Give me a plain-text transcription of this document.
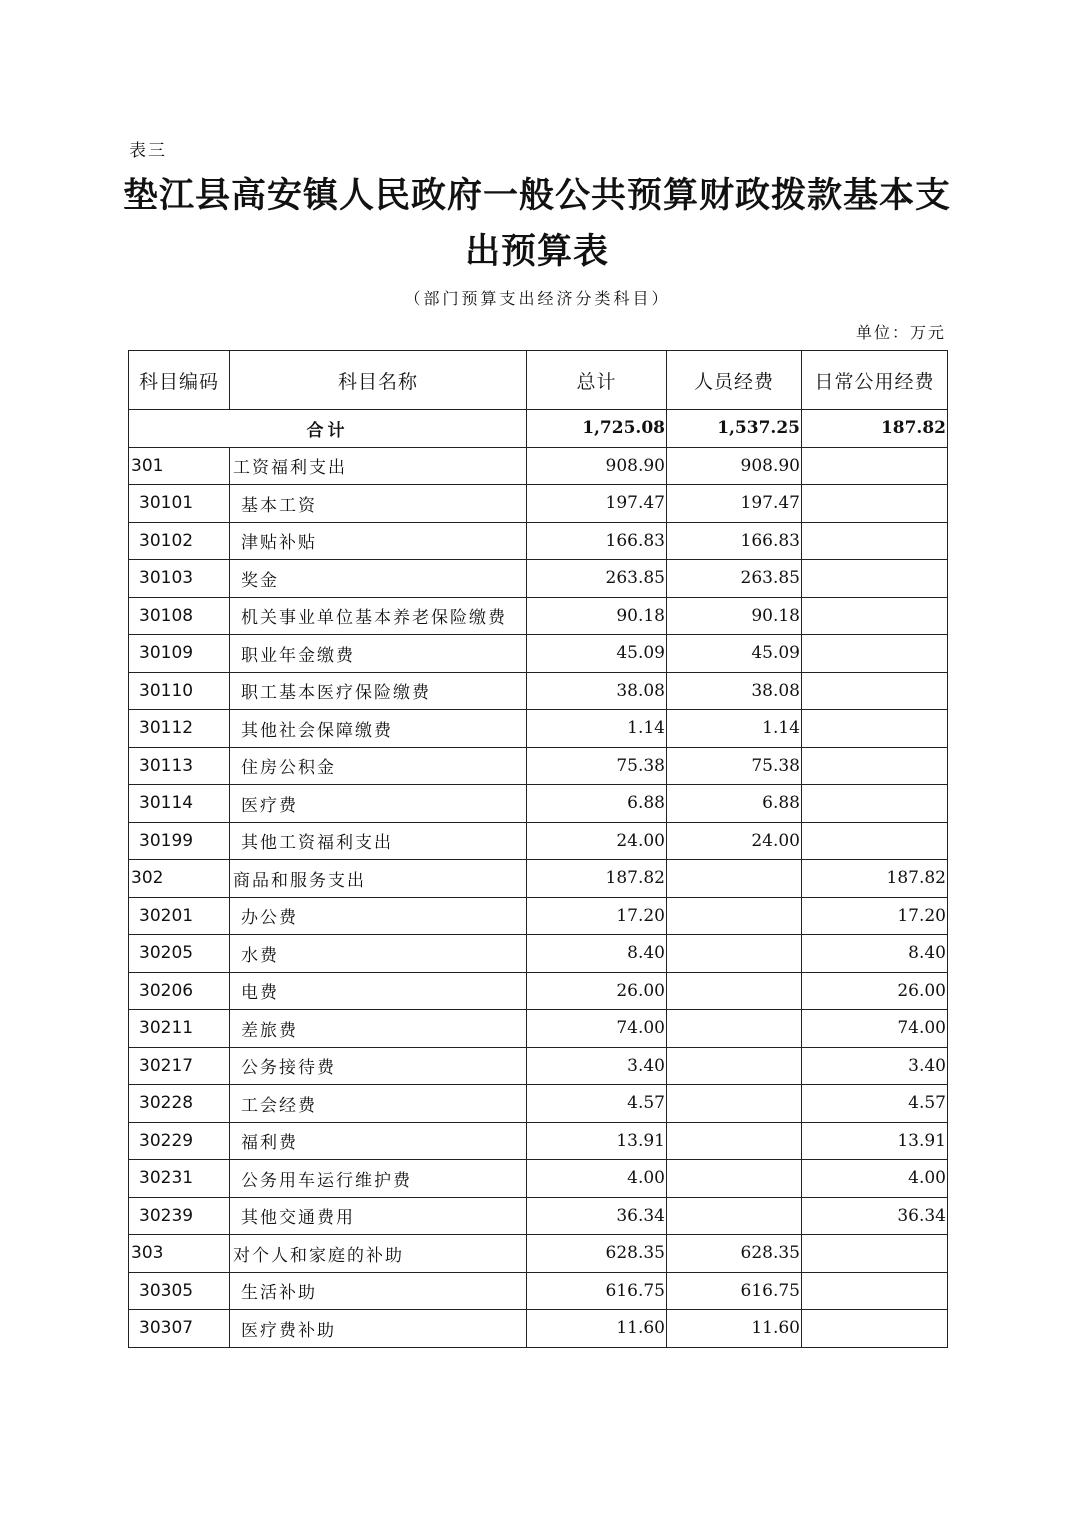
表三
垫江县高安镇人民政府一般公共预算财政拨款基本支出预算表
（部门预算支出经济分类科目）
单位：万元
科目编码	科目名称	总计	人员经费	日常公用经费
合计		1,725.08	1,537.25	187.82
301	工资福利支出	908.90	908.90	
30101	基本工资	197.47	197.47	
30102	津贴补贴	166.83	166.83	
30103	奖金	263.85	263.85	
30108	机关事业单位基本养老保险缴费	90.18	90.18	
30109	职业年金缴费	45.09	45.09	
30110	职工基本医疗保险缴费	38.08	38.08	
30112	其他社会保障缴费	1.14	1.14	
30113	住房公积金	75.38	75.38	
30114	医疗费	6.88	6.88	
30199	其他工资福利支出	24.00	24.00	
302	商品和服务支出	187.82		187.82
30201	办公费	17.20		17.20
30205	水费	8.40		8.40
30206	电费	26.00		26.00
30211	差旅费	74.00		74.00
30217	公务接待费	3.40		3.40
30228	工会经费	4.57		4.57
30229	福利费	13.91		13.91
30231	公务用车运行维护费	4.00		4.00
30239	其他交通费用	36.34		36.34
303	对个人和家庭的补助	628.35	628.35	
30305	生活补助	616.75	616.75	
30307	医疗费补助	11.60	11.60	
